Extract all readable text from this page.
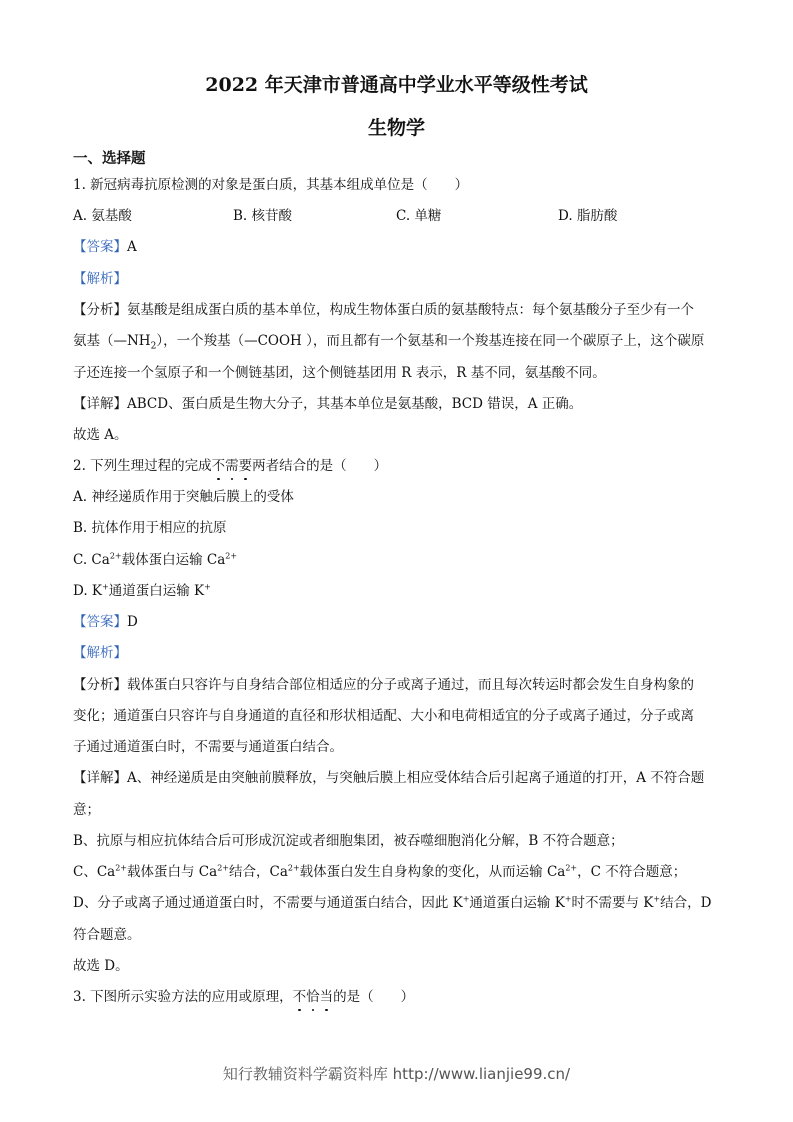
2022 年天津市普通高中学业水平等级性考试
生物学
一、选择题
1. 新冠病毒抗原检测的对象是蛋白质，其基本组成单位是（　　）
A. 氨基酸	B. 核苷酸	C. 单糖	D. 脂肪酸
【答案】A
【解析】
【分析】氨基酸是组成蛋白质的基本单位，构成生物体蛋白质的氨基酸特点：每个氨基酸分子至少有一个
氨基$(—NH_2)$，一个羧基（—COOH ），而且都有一个氨基和一个羧基连接在同一个碳原子上，这个碳原
子还连接一个氢原子和一个侧链基团，这个侧链基团用 R 表示，R 基不同，氨基酸不同。
【详解】ABCD、蛋白质是生物大分子，其基本单位是氨基酸，BCD 错误，A 正确。
故选 A。
2. 下列生理过程的完成不需要两者结合的是（　　）
A. 神经递质作用于突触后膜上的受体
B. 抗体作用于相应的抗原
C. $Ca^{2+}$载体蛋白运输 $Ca^{2+}$
D. K+通道蛋白运输 K+
【答案】D
【解析】
【分析】载体蛋白只容许与自身结合部位相适应的分子或离子通过，而且每次转运时都会发生自身构象的
变化；通道蛋白只容许与自身通道的直径和形状相适配、大小和电荷相适宜的分子或离子通过，分子或离
子通过通道蛋白时，不需要与通道蛋白结合。
【详解】A、神经递质是由突触前膜释放，与突触后膜上相应受体结合后引起离子通道的打开，A 不符合题
意；
B、抗原与相应抗体结合后可形成沉淀或者细胞集团，被吞噬细胞消化分解，B 不符合题意；
C、$Ca^{2+}$载体蛋白与 $Ca^{2+}$结合，$Ca^{2+}$载体蛋白发生自身构象的变化，从而运输 $Ca^{2+}$，C 不符合题意；
D、分子或离子通过通道蛋白时，不需要与通道蛋白结合，因此 K+通道蛋白运输 K+时不需要与 K+结合，D
符合题意。
故选 D。
3. 下图所示实验方法的应用或原理，不恰当的是（　　）
知行教辅资料学霸资料库 http://www.lianjie99.cn/
